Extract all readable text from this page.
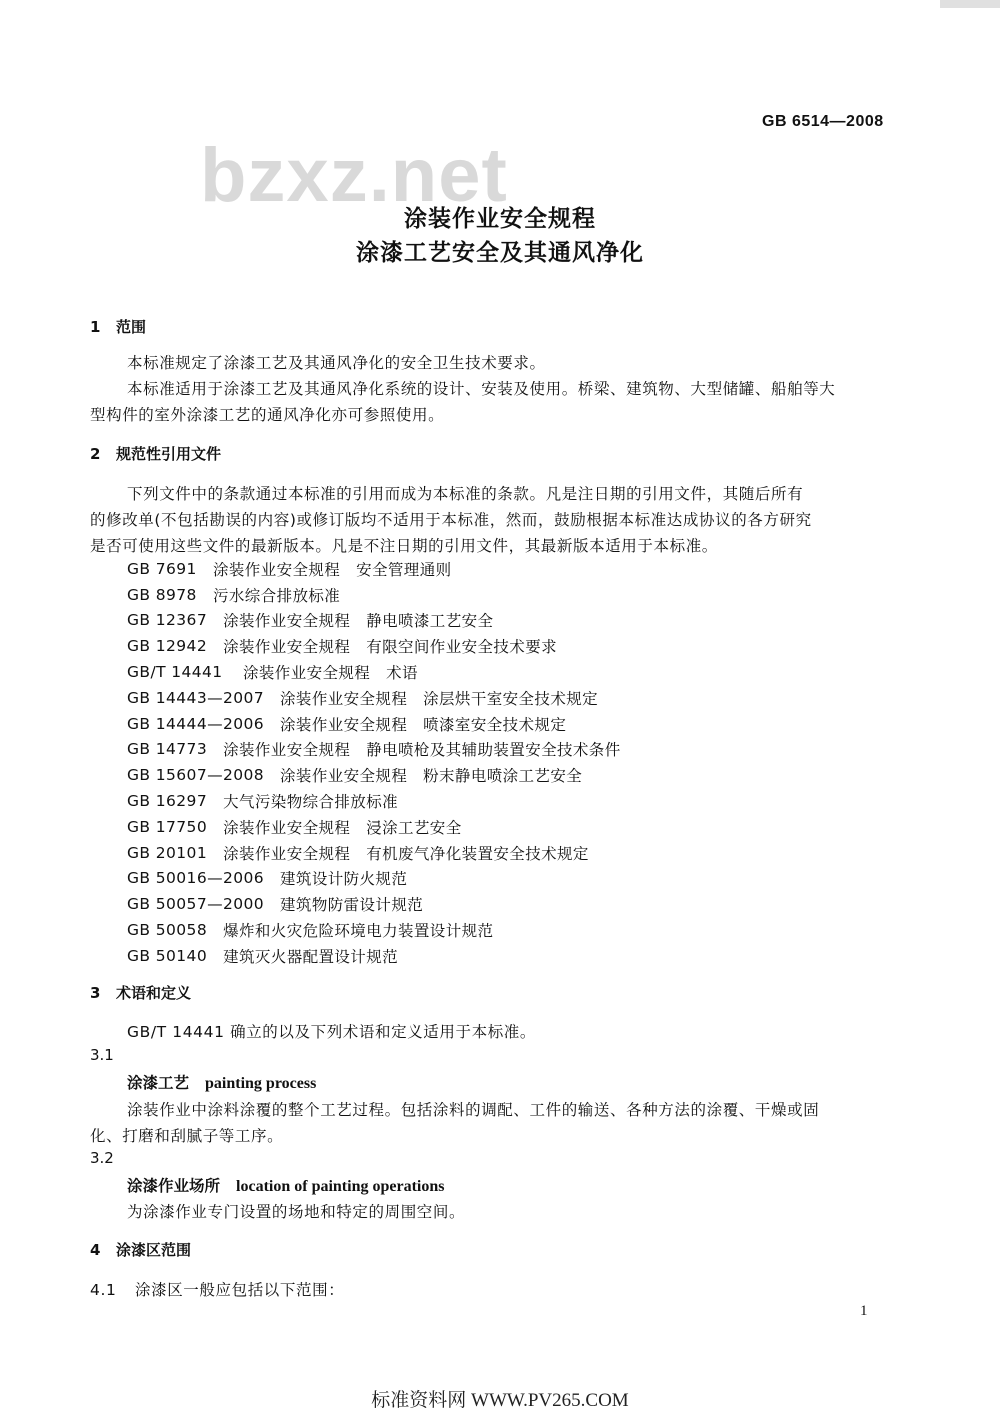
bzxz.net
GB 6514—2008
涂装作业安全规程
涂漆工艺安全及其通风净化
1 范围
本标准规定了涂漆工艺及其通风净化的安全卫生技术要求。
本标准适用于涂漆工艺及其通风净化系统的设计、安装及使用。桥梁、建筑物、大型储罐、船舶等大
型构件的室外涂漆工艺的通风净化亦可参照使用。
2 规范性引用文件
下列文件中的条款通过本标准的引用而成为本标准的条款。凡是注日期的引用文件，其随后所有
的修改单(不包括勘误的内容)或修订版均不适用于本标准，然而，鼓励根据本标准达成协议的各方研究
是否可使用这些文件的最新版本。凡是不注日期的引用文件，其最新版本适用于本标准。
GB 7691 涂装作业安全规程　安全管理通则
GB 8978 污水综合排放标准
GB 12367 涂装作业安全规程　静电喷漆工艺安全
GB 12942 涂装作业安全规程　有限空间作业安全技术要求
GB/T 14441 涂装作业安全规程　术语
GB 14443—2007 涂装作业安全规程　涂层烘干室安全技术规定
GB 14444—2006 涂装作业安全规程　喷漆室安全技术规定
GB 14773 涂装作业安全规程　静电喷枪及其辅助装置安全技术条件
GB 15607—2008 涂装作业安全规程　粉末静电喷涂工艺安全
GB 16297 大气污染物综合排放标准
GB 17750 涂装作业安全规程　浸涂工艺安全
GB 20101 涂装作业安全规程　有机废气净化装置安全技术规定
GB 50016—2006 建筑设计防火规范
GB 50057—2000 建筑物防雷设计规范
GB 50058 爆炸和火灾危险环境电力装置设计规范
GB 50140 建筑灭火器配置设计规范
3 术语和定义
GB/T 14441 确立的以及下列术语和定义适用于本标准。
3.1
涂漆工艺 painting process
涂装作业中涂料涂覆的整个工艺过程。包括涂料的调配、工件的输送、各种方法的涂覆、干燥或固
化、打磨和刮腻子等工序。
3.2
涂漆作业场所 location of painting operations
为涂漆作业专门设置的场地和特定的周围空间。
4 涂漆区范围
4.1 涂漆区一般应包括以下范围：
1
标准资料网 WWW.PV265.COM
